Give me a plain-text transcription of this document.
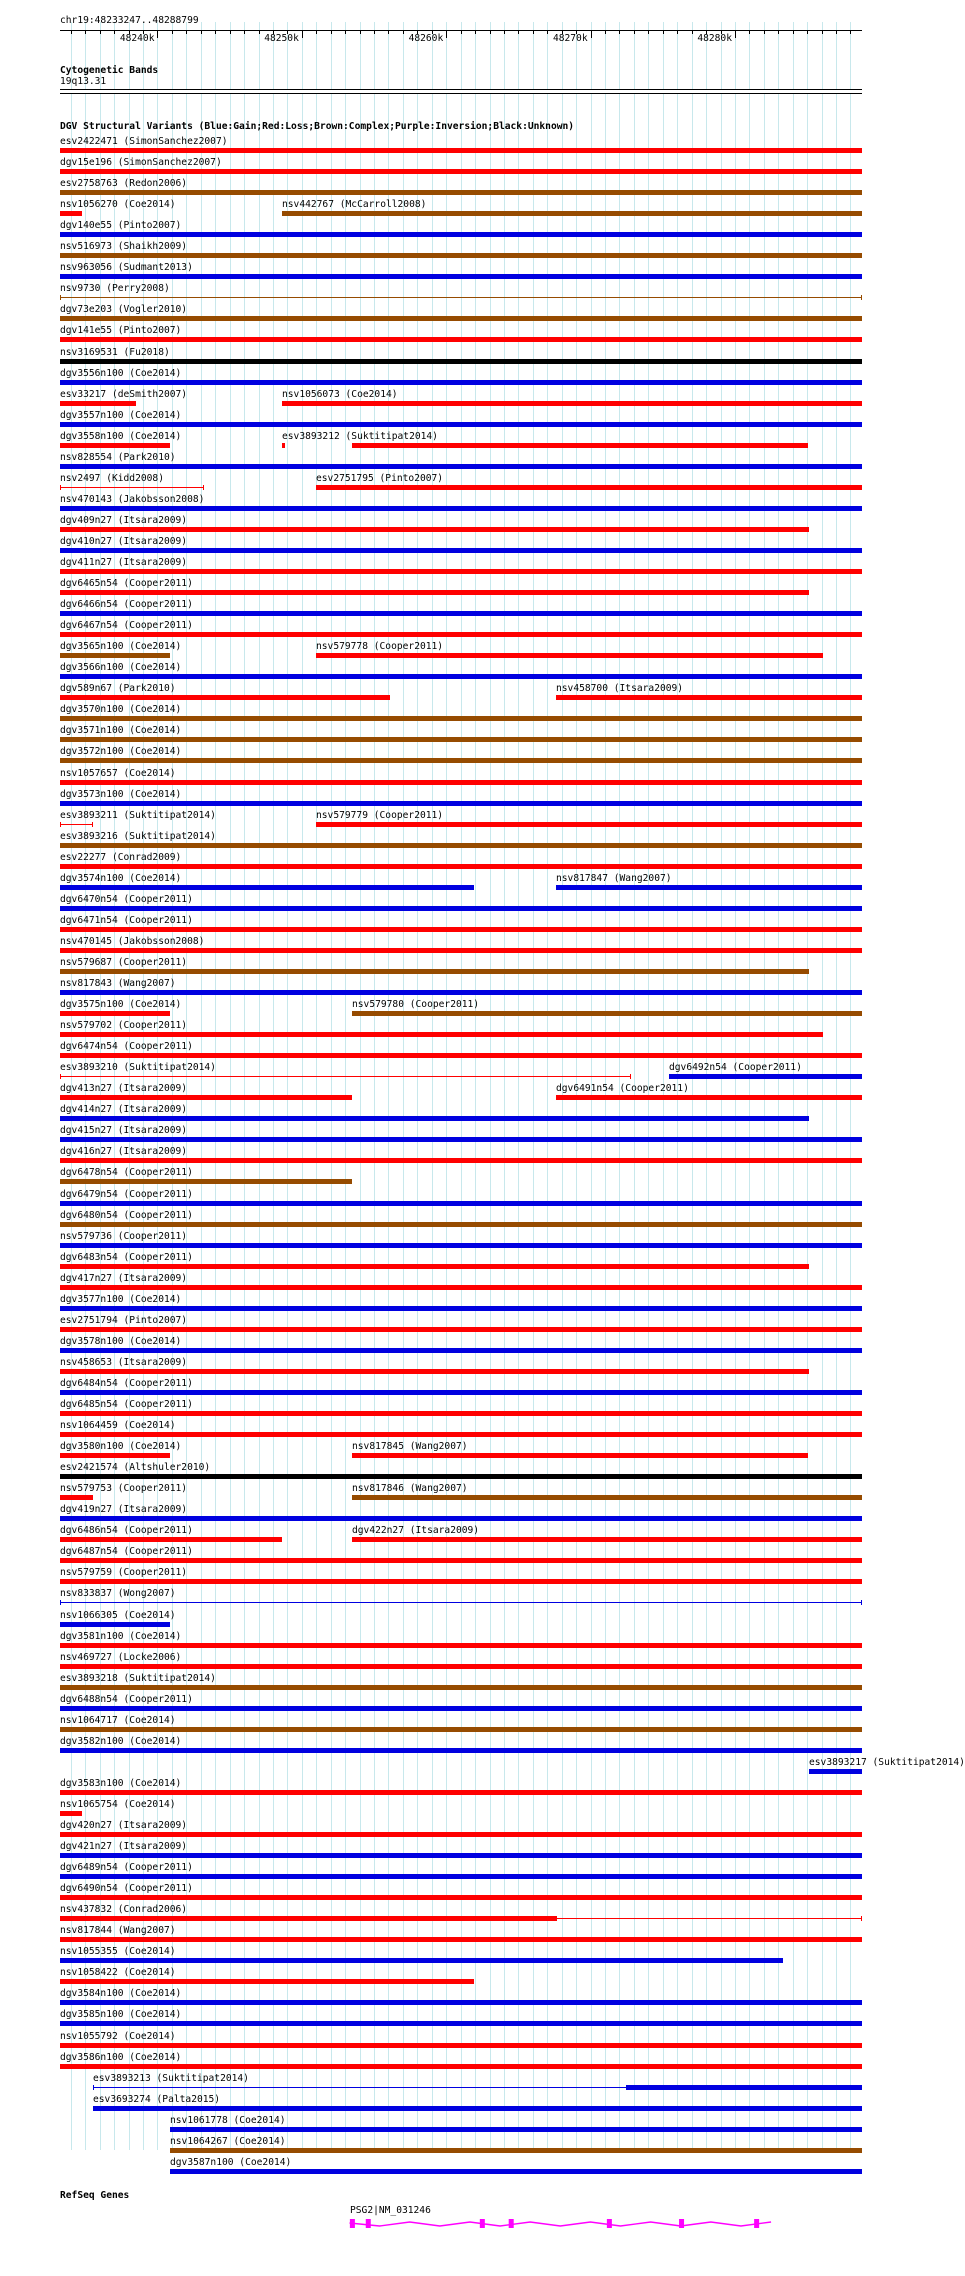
chr19:48233247..48288799
48240k	48250k	48260k	48270k	48280k
Cytogenetic Bands
19q13.31
DGV Structural Variants (Blue:Gain;Red:Loss;Brown:Complex;Purple:Inversion;Black:Unknown)
esv2422471 (SimonSanchez2007)
dgv15e196 (SimonSanchez2007)
esv2758763 (Redon2006)
nsv1056270 (Coe2014)	nsv442767 (McCarroll2008)
dgv140e55 (Pinto2007)
nsv516973 (Shaikh2009)
nsv963056 (Sudmant2013)
nsv9730 (Perry2008)
dgv73e203 (Vogler2010)
dgv141e55 (Pinto2007)
nsv3169531 (Fu2018)
dgv3556n100 (Coe2014)
esv33217 (deSmith2007)	nsv1056073 (Coe2014)
dgv3557n100 (Coe2014)
dgv3558n100 (Coe2014)	esv3893212 (Suktitipat2014)
nsv828554 (Park2010)
nsv2497 (Kidd2008)	esv2751795 (Pinto2007)
nsv470143 (Jakobsson2008)
dgv409n27 (Itsara2009)
dgv410n27 (Itsara2009)
dgv411n27 (Itsara2009)
dgv6465n54 (Cooper2011)
dgv6466n54 (Cooper2011)
dgv6467n54 (Cooper2011)
dgv3565n100 (Coe2014)	nsv579778 (Cooper2011)
dgv3566n100 (Coe2014)
dgv589n67 (Park2010)	nsv458700 (Itsara2009)
dgv3570n100 (Coe2014)
dgv3571n100 (Coe2014)
dgv3572n100 (Coe2014)
nsv1057657 (Coe2014)
dgv3573n100 (Coe2014)
esv3893211 (Suktitipat2014)	nsv579779 (Cooper2011)
esv3893216 (Suktitipat2014)
esv22277 (Conrad2009)
dgv3574n100 (Coe2014)	nsv817847 (Wang2007)
dgv6470n54 (Cooper2011)
dgv6471n54 (Cooper2011)
nsv470145 (Jakobsson2008)
nsv579687 (Cooper2011)
nsv817843 (Wang2007)
dgv3575n100 (Coe2014)	nsv579780 (Cooper2011)
nsv579702 (Cooper2011)
dgv6474n54 (Cooper2011)
esv3893210 (Suktitipat2014)	dgv6492n54 (Cooper2011)
dgv413n27 (Itsara2009)	dgv6491n54 (Cooper2011)
dgv414n27 (Itsara2009)
dgv415n27 (Itsara2009)
dgv416n27 (Itsara2009)
dgv6478n54 (Cooper2011)
dgv6479n54 (Cooper2011)
dgv6480n54 (Cooper2011)
nsv579736 (Cooper2011)
dgv6483n54 (Cooper2011)
dgv417n27 (Itsara2009)
dgv3577n100 (Coe2014)
esv2751794 (Pinto2007)
dgv3578n100 (Coe2014)
nsv458653 (Itsara2009)
dgv6484n54 (Cooper2011)
dgv6485n54 (Cooper2011)
nsv1064459 (Coe2014)
dgv3580n100 (Coe2014)	nsv817845 (Wang2007)
esv2421574 (Altshuler2010)
nsv579753 (Cooper2011)	nsv817846 (Wang2007)
dgv419n27 (Itsara2009)
dgv6486n54 (Cooper2011)	dgv422n27 (Itsara2009)
dgv6487n54 (Cooper2011)
nsv579759 (Cooper2011)
nsv833837 (Wong2007)
nsv1066305 (Coe2014)
dgv3581n100 (Coe2014)
nsv469727 (Locke2006)
esv3893218 (Suktitipat2014)
dgv6488n54 (Cooper2011)
nsv1064717 (Coe2014)
dgv3582n100 (Coe2014)
esv3893217 (Suktitipat2014)
dgv3583n100 (Coe2014)
nsv1065754 (Coe2014)
dgv420n27 (Itsara2009)
dgv421n27 (Itsara2009)
dgv6489n54 (Cooper2011)
dgv6490n54 (Cooper2011)
nsv437832 (Conrad2006)
nsv817844 (Wang2007)
nsv1055355 (Coe2014)
nsv1058422 (Coe2014)
dgv3584n100 (Coe2014)
dgv3585n100 (Coe2014)
nsv1055792 (Coe2014)
dgv3586n100 (Coe2014)
esv3893213 (Suktitipat2014)
esv3693274 (Palta2015)
nsv1061778 (Coe2014)
nsv1064267 (Coe2014)
dgv3587n100 (Coe2014)
RefSeq Genes
PSG2|NM_031246
